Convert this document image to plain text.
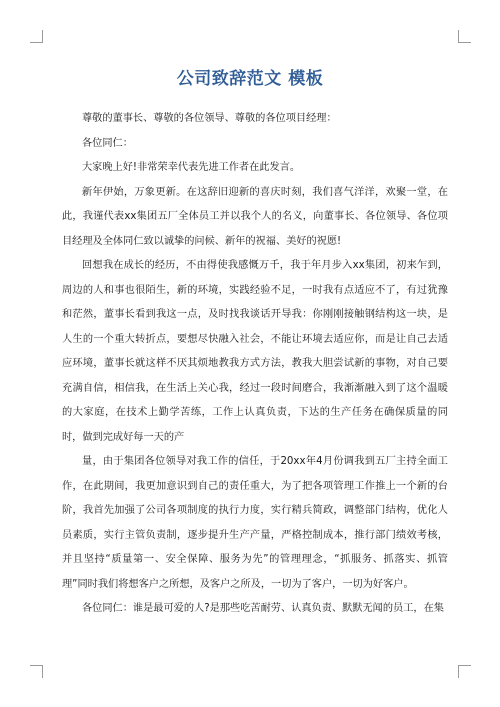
公司致辞范文 模板

尊敬的董事长、尊敬的各位领导、尊敬的各位项目经理：

各位同仁：

大家晚上好!非常荣幸代表先进工作者在此发言。

新年伊始，万象更新。在这辞旧迎新的喜庆时刻，我们喜气洋洋，欢聚一堂，在此，我谨代表xx集团五厂全体员工并以我个人的名义，向董事长、各位领导、各位项目经理及全体同仁致以诚挚的问候、新年的祝福、美好的祝愿!

回想我在成长的经历，不由得使我感慨万千，我于年月步入xx集团，初来乍到，周边的人和事也很陌生，新的环境，实践经验不足，一时我有点适应不了，有过犹豫和茫然，董事长看到我这一点，及时找我谈话开导我：你刚刚接触钢结构这一块，是人生的一个重大转折点，要想尽快融入社会，不能让环境去适应你，而是让自己去适应环境，董事长就这样不厌其烦地教我方式方法，教我大胆尝试新的事物，对自己要充满自信，相信我，在生活上关心我，经过一段时间磨合，我渐渐融入到了这个温暖的大家庭，在技术上勤学苦练，工作上认真负责，下达的生产任务在确保质量的同时，做到完成好每一天的产

量，由于集团各位领导对我工作的信任，于20xx年4月份调我到五厂主持全面工作，在此期间，我更加意识到自己的责任重大，为了把各项管理工作推上一个新的台阶，我首先加强了公司各项制度的执行力度，实行精兵简政，调整部门结构，优化人员素质，实行主管负责制，逐步提升生产产量，严格控制成本，推行部门绩效考核，并且坚持“质量第一、安全保障、服务为先”的管理理念，“抓服务、抓落实、抓管理”同时我们将想客户之所想，及客户之所及，一切为了客户，一切为好客户。

各位同仁：谁是最可爱的人?是那些吃苦耐劳、认真负责、默默无闻的员工，在集
